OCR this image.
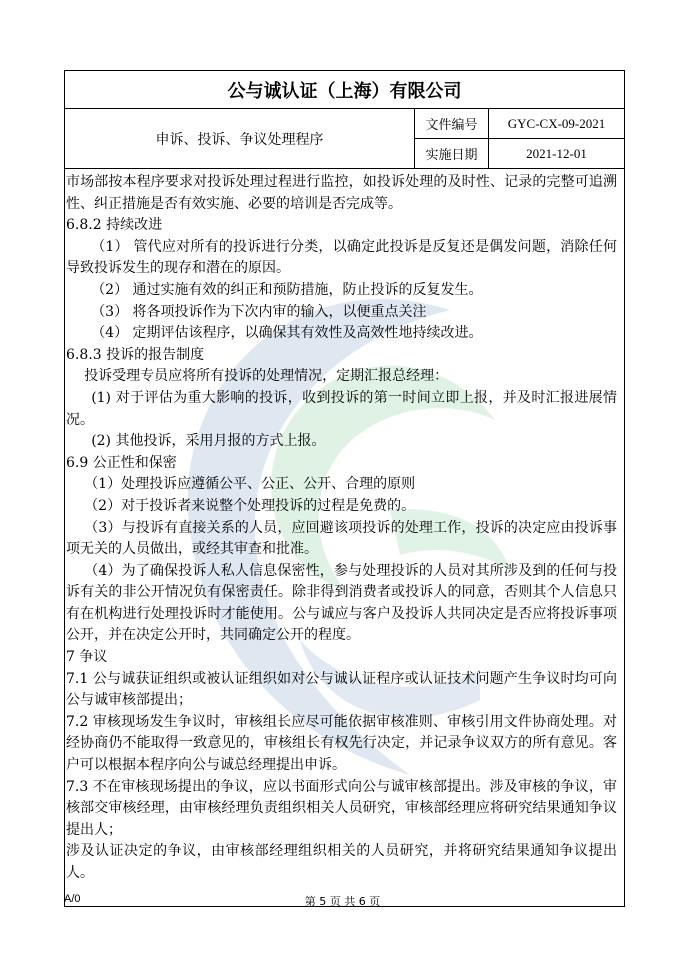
公与诚认证（上海）有限公司
申诉、投诉、争议处理程序
文件编号	GYC-CX-09-2021
实施日期	2021-12-01

市场部按本程序要求对投诉处理过程进行监控，如投诉处理的及时性、记录的完整可追溯性、纠正措施是否有效实施、必要的培训是否完成等。

6.8.2 持续改进

（1） 管代应对所有的投诉进行分类，以确定此投诉是反复还是偶发问题，消除任何导致投诉发生的现存和潜在的原因。

（2） 通过实施有效的纠正和预防措施，防止投诉的反复发生。

（3） 将各项投诉作为下次内审的输入，以便重点关注

（4） 定期评估该程序，以确保其有效性及高效性地持续改进。

6.8.3 投诉的报告制度

投诉受理专员应将所有投诉的处理情况，定期汇报总经理：

(1) 对于评估为重大影响的投诉，收到投诉的第一时间立即上报，并及时汇报进展情况。

(2) 其他投诉，采用月报的方式上报。

6.9 公正性和保密

（1）处理投诉应遵循公平、公正、公开、合理的原则

（2）对于投诉者来说整个处理投诉的过程是免费的。

（3）与投诉有直接关系的人员，应回避该项投诉的处理工作，投诉的决定应由投诉事项无关的人员做出，或经其审查和批准。

（4）为了确保投诉人私人信息保密性，参与处理投诉的人员对其所涉及到的任何与投诉有关的非公开情况负有保密责任。除非得到消费者或投诉人的同意，否则其个人信息只有在机构进行处理投诉时才能使用。公与诚应与客户及投诉人共同决定是否应将投诉事项公开，并在决定公开时，共同确定公开的程度。

7 争议

7.1 公与诚获证组织或被认证组织如对公与诚认证程序或认证技术问题产生争议时均可向公与诚审核部提出；

7.2 审核现场发生争议时，审核组长应尽可能依据审核准则、审核引用文件协商处理。对经协商仍不能取得一致意见的，审核组长有权先行决定，并记录争议双方的所有意见。客户可以根据本程序向公与诚总经理提出申诉。

7.3 不在审核现场提出的争议，应以书面形式向公与诚审核部提出。涉及审核的争议，审核部交审核经理，由审核经理负责组织相关人员研究，审核部经理应将研究结果通知争议提出人；

涉及认证决定的争议，由审核部经理组织相关的人员研究，并将研究结果通知争议提出人。

A/0	第 5 页 共 6 页
